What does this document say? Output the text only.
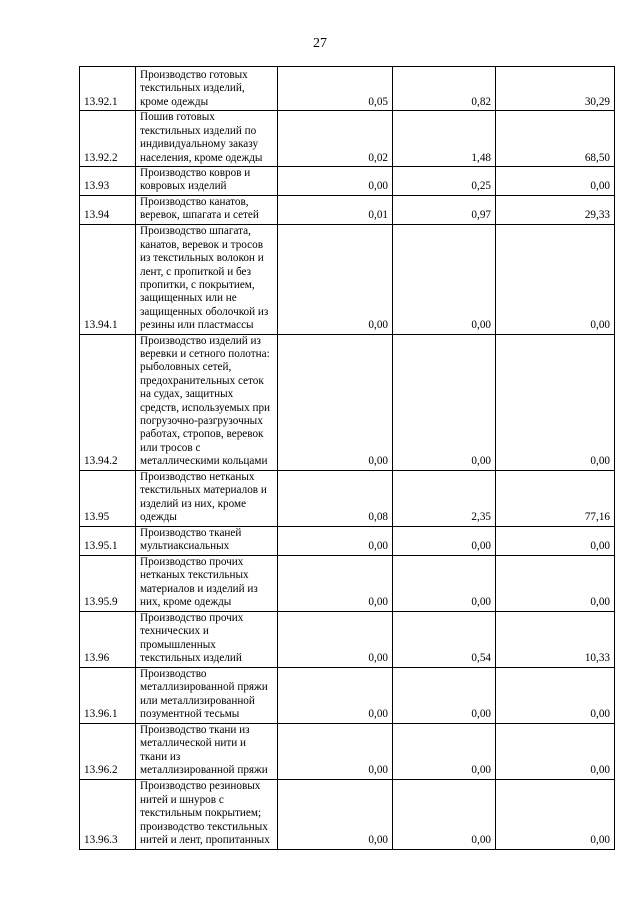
27
13.92.1	Производство готовых текстильных изделий, кроме одежды	0,05	0,82	30,29
13.92.2	Пошив готовых текстильных изделий по индивидуальному заказу населения, кроме одежды	0,02	1,48	68,50
13.93	Производство ковров и ковровых изделий	0,00	0,25	0,00
13.94	Производство канатов, веревок, шпагата и сетей	0,01	0,97	29,33
13.94.1	Производство шпагата, канатов, веревок и тросов из текстильных волокон и лент, с пропиткой и без пропитки, с покрытием, защищенных или не защищенных оболочкой из резины или пластмассы	0,00	0,00	0,00
13.94.2	Производство изделий из веревки и сетного полотна: рыболовных сетей, предохранительных сеток на судах, защитных средств, используемых при погрузочно-разгрузочных работах, стропов, веревок или тросов с металлическими кольцами	0,00	0,00	0,00
13.95	Производство нетканых текстильных материалов и изделий из них, кроме одежды	0,08	2,35	77,16
13.95.1	Производство тканей мультиаксиальных	0,00	0,00	0,00
13.95.9	Производство прочих нетканых текстильных материалов и изделий из них, кроме одежды	0,00	0,00	0,00
13.96	Производство прочих технических и промышленных текстильных изделий	0,00	0,54	10,33
13.96.1	Производство металлизированной пряжи или металлизированной позументной тесьмы	0,00	0,00	0,00
13.96.2	Производство ткани из металлической нити и ткани из металлизированной пряжи	0,00	0,00	0,00
13.96.3	Производство резиновых нитей и шнуров с текстильным покрытием; производство текстильных нитей и лент, пропитанных	0,00	0,00	0,00
